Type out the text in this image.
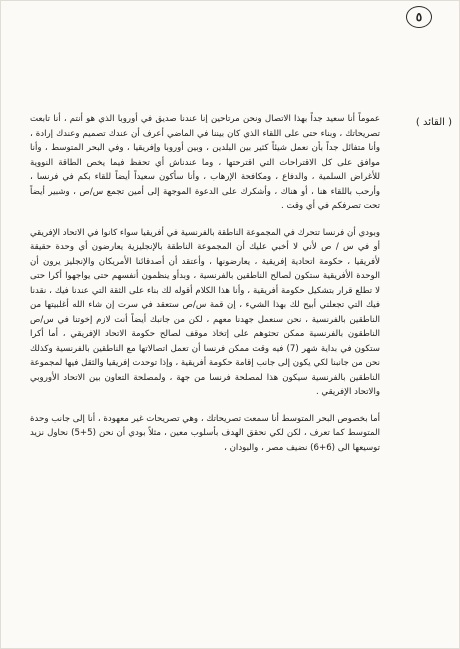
٥
( القائد )

عموماً أنا سعيد جداً بهذا الاتصال ونحن مرتاحين إنا عندنا صديق في أوروبا الذي هو أنتم ، أنا تابعت تصريحاتك ، وبناء حتى على اللقاء الذي كان بيننا في الماضي أعرف أن عندك تصميم وعندك إرادة ، وأنا متفائل جداً بأن نعمل شيئاً كثير بين البلدين ، وبين أوروبا وإفريقيا ، وفي البحر المتوسط ، وأنا موافق على كل الاقتراحات التي اقترحتها ، وما عندناش أي تحفظ فيما يخص الطاقة النووية للأغراض السلمية ، والدفاع ، ومكافحة الإرهاب ، وأنا سأكون سعيداً أيضاً للقاء بكم في فرنسا ، وأرحب باللقاء هنا ، أو هناك ، وأشكرك على الدعوة الموجهة إلى أمين تجمع س/ص ، وشبير أيضاً تحت تصرفكم في أي وقت .

وبودي أن فرنسا تتحرك في المجموعة الناطقة بالفرنسية في أفريقيا سواء كانوا في الاتحاد الإفريقي أو في س / ص لأني لا أخبي عليك أن المجموعة الناطقة بالإنجليزية يعارضون أي وحدة حقيقة لأفريقيا ، حكومة اتحادية إفريقية ، يعارضونها ، وأعتقد أن أصدقائنا الأمريكان والإنجليز يرون أن الوحدة الأفريقية ستكون لصالح الناطقين بالفرنسية ، وبدأو ينظمون أنفسهم حتى يواجهوا أكرا حتى لا تطلع قرار بتشكيل حكومة أفريقية ، وأنا هذا الكلام أقوله لك بناء على الثقة التي عندنا فيك ، نقدنا فيك التي تجعلني أبيح لك بهذا الشيء ، إن قمة س/ص ستعقد في سرت إن شاء الله أغلبيتها من الناطقين بالفرنسية ، نحن سنعمل جهدنا معهم ، لكن من جانبك أيضاً أنت لازم إخوتنا في س/ص الناطقون بالفرنسية ممكن تحثوهم على إتخاذ موقف لصالح حكومة الاتحاد الإفريقي ، أما أكرا ستكون في بداية شهر (7) فيه وقت ممكن فرنسا أن تعمل اتصالاتها مع الناطقين بالفرنسية وكذلك نحن من جانبنا لكي يكون إلى جانب إقامة حكومة أفريقية ، وإذا توحدت إفريقيا والثقل فيها لمجموعة الناطقين بالفرنسية سيكون هذا لمصلحة فرنسا من جهة ، ولمصلحة التعاون بين الاتحاد الأوروبي والاتحاد الإفريقي .

أما بخصوص البحر المتوسط أنا سمعت تصريحاتك ، وهي تصريحات غير معهودة ، أنا إلى جانب وحدة المتوسط كما تعرف ، لكن لكي نحقق الهدف بأسلوب معين ، مثلاً بودي أن نحن (5+5) نحاول نزيد توسيعها الى (6+6) نضيف مصر ، والبودان ،
